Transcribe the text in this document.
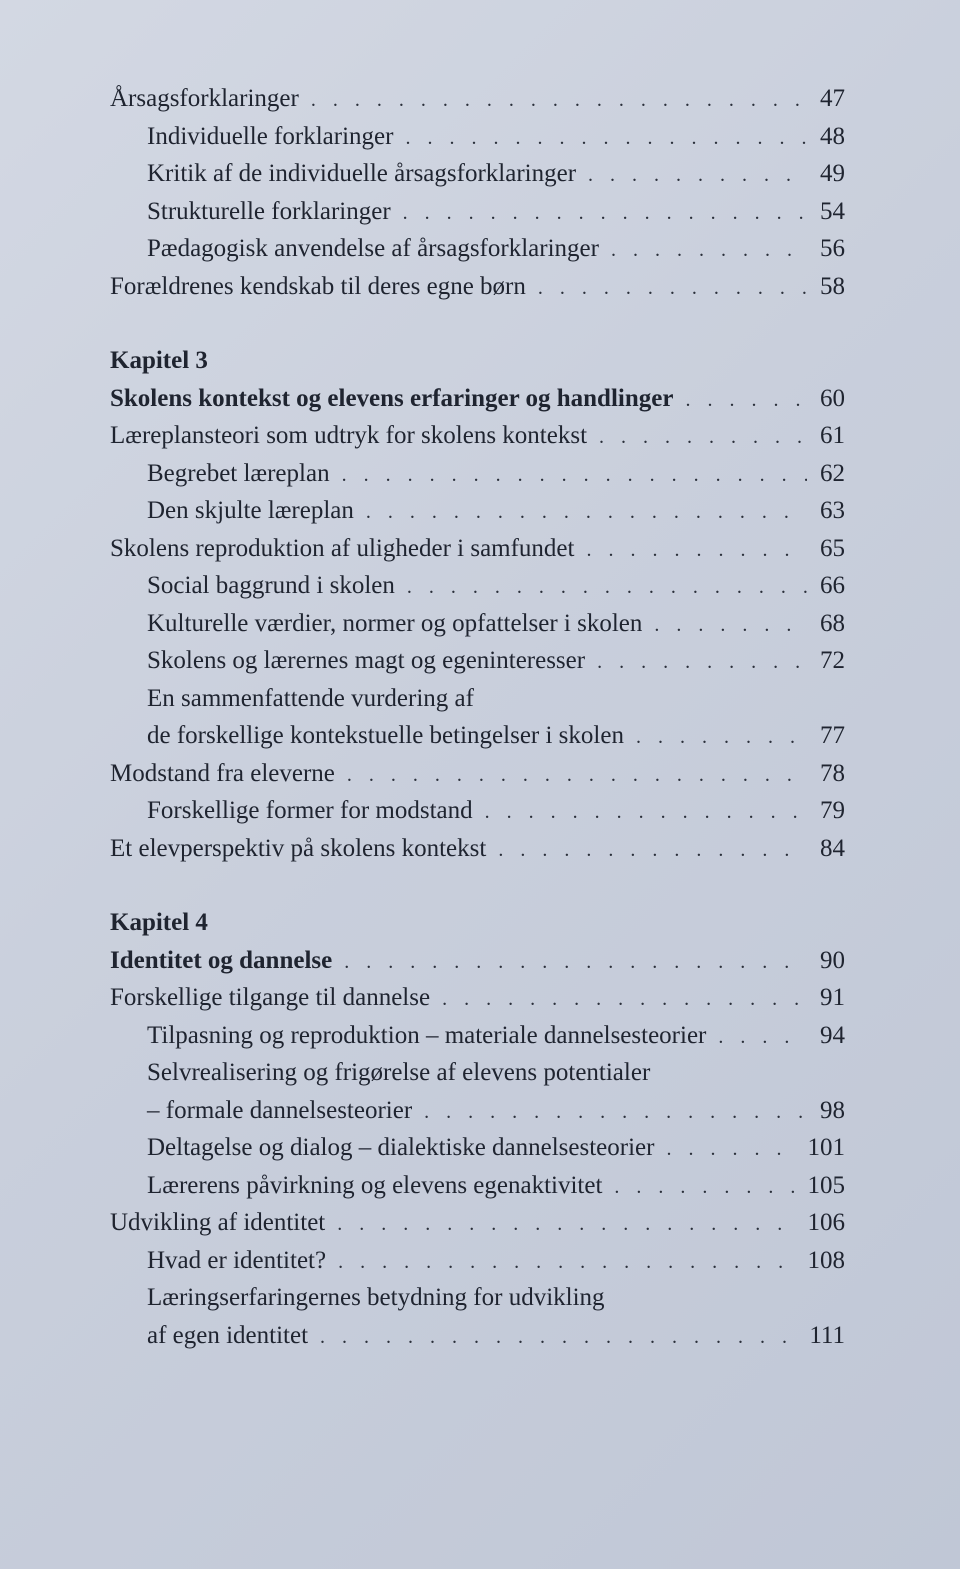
Årsagsforklaringer . . .	47
Individuelle forklaringer . . .	48
Kritik af de individuelle årsagsforklaringer . . .	49
Strukturelle forklaringer . . .	54
Pædagogisk anvendelse af årsagsforklaringer . . .	56
Forældrenes kendskab til deres egne børn . . .	58
Kapitel 3
Skolens kontekst og elevens erfaringer og handlinger . . .	60
Læreplansteori som udtryk for skolens kontekst . . .	61
Begrebet læreplan . . .	62
Den skjulte læreplan . . .	63
Skolens reproduktion af uligheder i samfundet . . .	65
Social baggrund i skolen . . .	66
Kulturelle værdier, normer og opfattelser i skolen . . .	68
Skolens og lærernes magt og egeninteresser . . .	72
En sammenfattende vurdering af
de forskellige kontekstuelle betingelser i skolen . . .	77
Modstand fra eleverne . . .	78
Forskellige former for modstand . . .	79
Et elevperspektiv på skolens kontekst . . .	84
Kapitel 4
Identitet og dannelse . . .	90
Forskellige tilgange til dannelse . . .	91
Tilpasning og reproduktion – materiale dannelsesteorier . . .	94
Selvrealisering og frigørelse af elevens potentialer
– formale dannelsesteorier . . .	98
Deltagelse og dialog – dialektiske dannelsesteorier . . .	101
Lærerens påvirkning og elevens egenaktivitet . . .	105
Udvikling af identitet . . .	106
Hvad er identitet? . . .	108
Læringserfaringernes betydning for udvikling
af egen identitet . . .	111
